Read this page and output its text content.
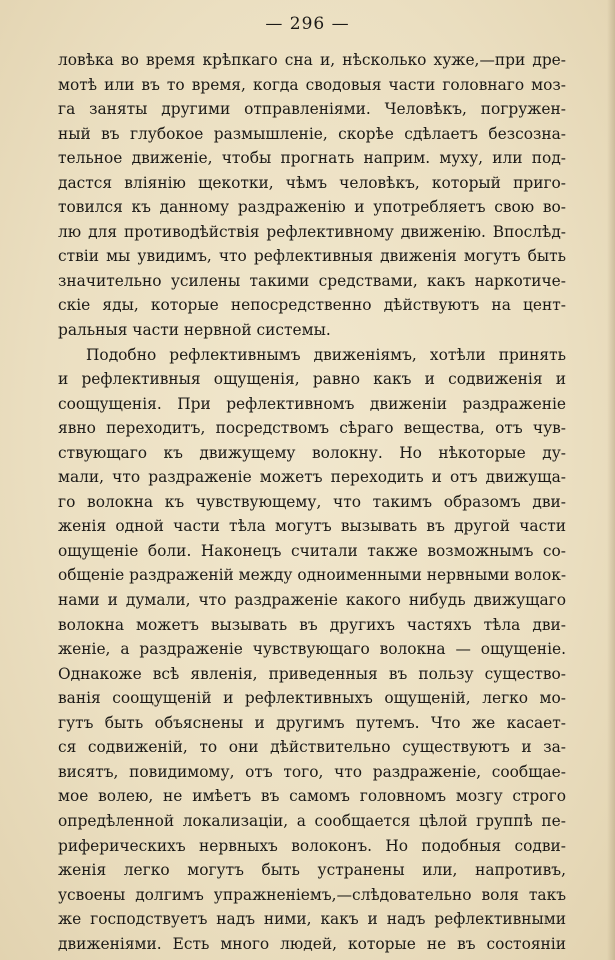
— 296 —
ловѣка во время крѣпкаго сна и, нѣсколько хуже,—при дре-
мотѣ или въ то время, когда сводовыя части головнаго моз-
га заняты другими отправленіями. Человѣкъ, погружен-
ный въ глубокое размышленіе, скорѣе сдѣлаетъ безсозна-
тельное движеніе, чтобы прогнать наприм. муху, или под-
дастся вліянію щекотки, чѣмъ человѣкъ, который приго-
товился къ данному раздраженію и употребляетъ свою во-
лю для противодѣйствія рефлективному движенію. Впослѣд-
ствіи мы увидимъ, что рефлективныя движенія могутъ быть
значительно усилены такими средствами, какъ наркотиче-
скіе яды, которые непосредственно дѣйствуютъ на цент-
ральныя части нервной системы.
Подобно рефлективнымъ движеніямъ, хотѣли принять
и рефлективныя ощущенія, равно какъ и содвиженія и
соощущенія. При рефлективномъ движеніи раздраженіе
явно переходитъ, посредствомъ сѣраго вещества, отъ чув-
ствующаго къ движущему волокну. Но нѣкоторые ду-
мали, что раздраженіе можетъ переходить и отъ движуща-
го волокна къ чувствующему, что такимъ образомъ дви-
женія одной части тѣла могутъ вызывать въ другой части
ощущеніе боли. Наконецъ считали также возможнымъ со-
общеніе раздраженій между одноименными нервными волок-
нами и думали, что раздраженіе какого нибудь движущаго
волокна можетъ вызывать въ другихъ частяхъ тѣла дви-
женіе, а раздраженіе чувствующаго волокна — ощущеніе.
Однакоже всѣ явленія, приведенныя въ пользу существо-
ванія соощущеній и рефлективныхъ ощущеній, легко мо-
гутъ быть объяснены и другимъ путемъ. Что же касает-
ся содвиженій, то они дѣйствительно существуютъ и за-
висятъ, повидимому, отъ того, что раздраженіе, сообщае-
мое волею, не имѣетъ въ самомъ головномъ мозгу строго
опредѣленной локализаціи, а сообщается цѣлой группѣ пе-
риферическихъ нервныхъ волоконъ. Но подобныя содви-
женія легко могутъ быть устранены или, напротивъ,
усвоены долгимъ упражненіемъ,—слѣдовательно воля такъ
же господствуетъ надъ ними, какъ и надъ рефлективными
движеніями. Есть много людей, которые не въ состояніи
